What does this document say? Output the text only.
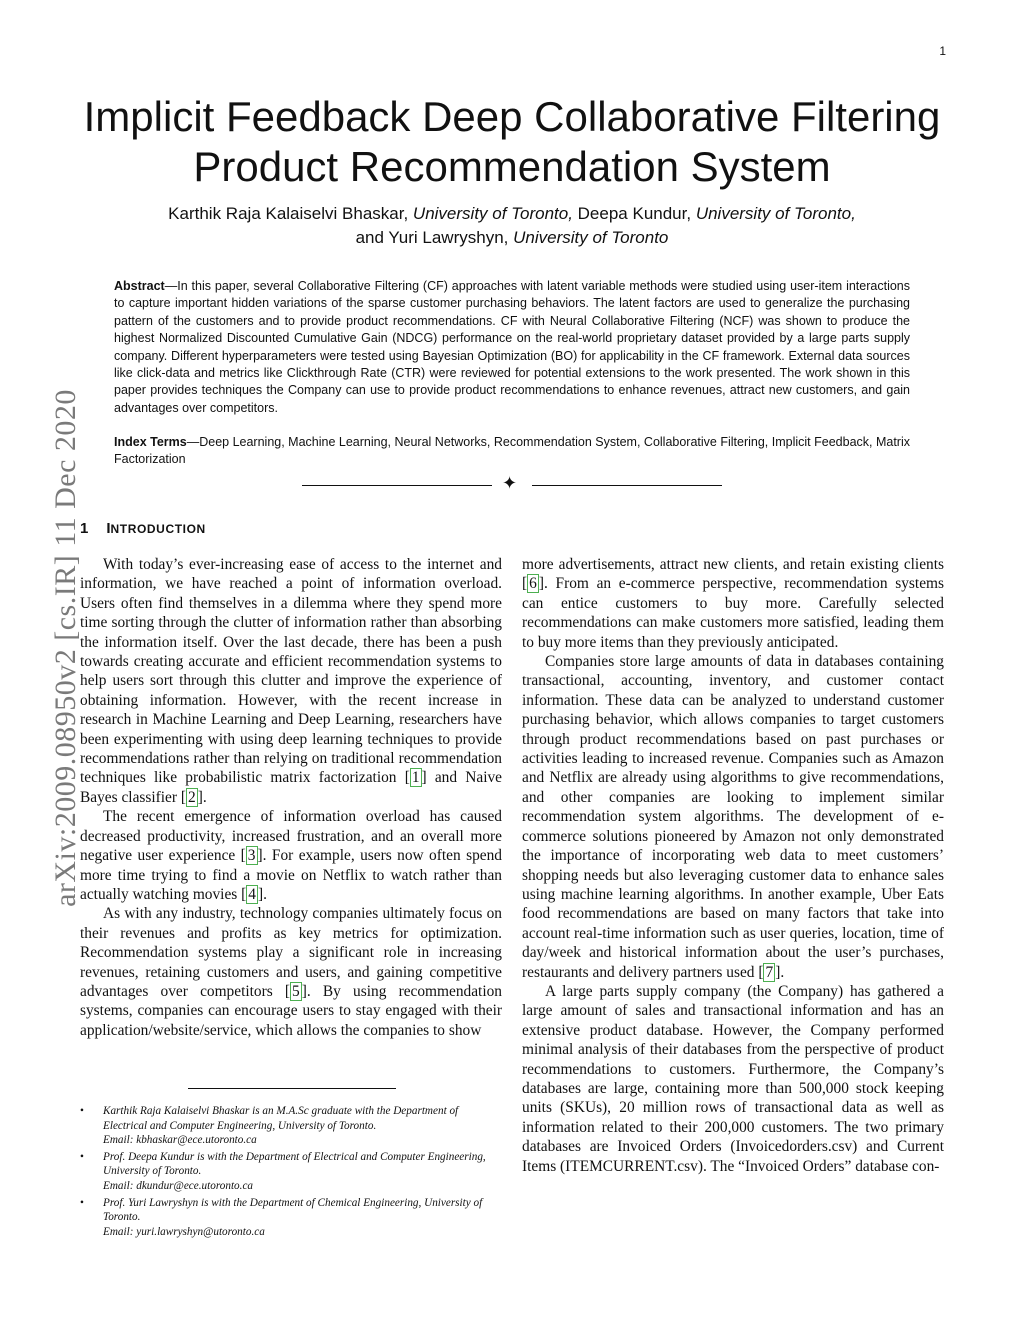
1
arXiv:2009.08950v2 [cs.IR] 11 Dec 2020
Implicit Feedback Deep Collaborative Filtering
Product Recommendation System
Karthik Raja Kalaiselvi Bhaskar, University of Toronto, Deepa Kundur, University of Toronto,
and Yuri Lawryshyn, University of Toronto
Abstract—In this paper, several Collaborative Filtering (CF) approaches with latent variable methods were studied using user-item interactions to capture important hidden variations of the sparse customer purchasing behaviors. The latent factors are used to generalize the purchasing pattern of the customers and to provide product recommendations. CF with Neural Collaborative Filtering (NCF) was shown to produce the highest Normalized Discounted Cumulative Gain (NDCG) performance on the real-world proprietary dataset provided by a large parts supply company. Different hyperparameters were tested using Bayesian Optimization (BO) for applicability in the CF framework. External data sources like click-data and metrics like Clickthrough Rate (CTR) were reviewed for potential extensions to the work presented. The work shown in this paper provides techniques the Company can use to provide product recommendations to enhance revenues, attract new customers, and gain advantages over competitors.
Index Terms—Deep Learning, Machine Learning, Neural Networks, Recommendation System, Collaborative Filtering, Implicit Feedback, Matrix Factorization
✦
1 INTRODUCTION

With today’s ever-increasing ease of access to the internet and information, we have reached a point of information overload. Users often find themselves in a dilemma where they spend more time sorting through the clutter of information rather than absorbing the information itself. Over the last decade, there has been a push towards creating accurate and efficient recommendation systems to help users sort through this clutter and improve the experience of obtaining information. However, with the recent increase in research in Machine Learning and Deep Learning, researchers have been experimenting with using deep learning techniques to provide recommendations rather than relying on traditional recommendation techniques like probabilistic matrix factorization [ 1 ] and Naive Bayes classifier [ 2 ].

The recent emergence of information overload has caused decreased productivity, increased frustration, and an overall more negative user experience [ 3 ]. For example, users now often spend more time trying to find a movie on Netflix to watch rather than actually watching movies [ 4 ].

As with any industry, technology companies ultimately focus on their revenues and profits as key metrics for optimization. Recommendation systems play a significant role in increasing revenues, retaining customers and users, and gaining competitive advantages over competitors [ 5 ]. By using recommendation systems, companies can encourage users to stay engaged with their application/website/service, which allows the companies to show

more advertisements, attract new clients, and retain existing clients [ 6 ]. From an e-commerce perspective, recommendation systems can entice customers to buy more. Carefully selected recommendations can make customers more satisfied, leading them to buy more items than they previously anticipated.

Companies store large amounts of data in databases containing transactional, accounting, inventory, and customer contact information. These data can be analyzed to understand customer purchasing behavior, which allows companies to target customers through product recommendations based on past purchases or activities leading to increased revenue. Companies such as Amazon and Netflix are already using algorithms to give recommendations, and other companies are looking to implement similar recommendation system algorithms. The development of e-commerce solutions pioneered by Amazon not only demonstrated the importance of incorporating web data to meet customers’ shopping needs but also leveraging customer data to enhance sales using machine learning algorithms. In another example, Uber Eats food recommendations are based on many factors that take into account real-time information such as user queries, location, time of day/week and historical information about the user’s purchases, restaurants and delivery partners used [ 7 ].

A large parts supply company (the Company) has gathered a large amount of sales and transactional information and has an extensive product database. However, the Company performed minimal analysis of their databases from the perspective of product recommendations to customers. Furthermore, the Company’s databases are large, containing more than 500,000 stock keeping units (SKUs), 20 million rows of transactional data as well as information related to their 200,000 customers. The two primary databases are Invoiced Orders (Invoicedorders.csv) and Current Items (ITEMCURRENT.csv). The “Invoiced Orders” database con-

• Karthik Raja Kalaiselvi Bhaskar is an M.A.Sc graduate with the Department of Electrical and Computer Engineering, University of Toronto.
Email: kbhaskar@ece.utoronto.ca
• Prof. Deepa Kundur is with the Department of Electrical and Computer Engineering, University of Toronto.
Email: dkundur@ece.utoronto.ca
• Prof. Yuri Lawryshyn is with the Department of Chemical Engineering, University of Toronto.
Email: yuri.lawryshyn@utoronto.ca
